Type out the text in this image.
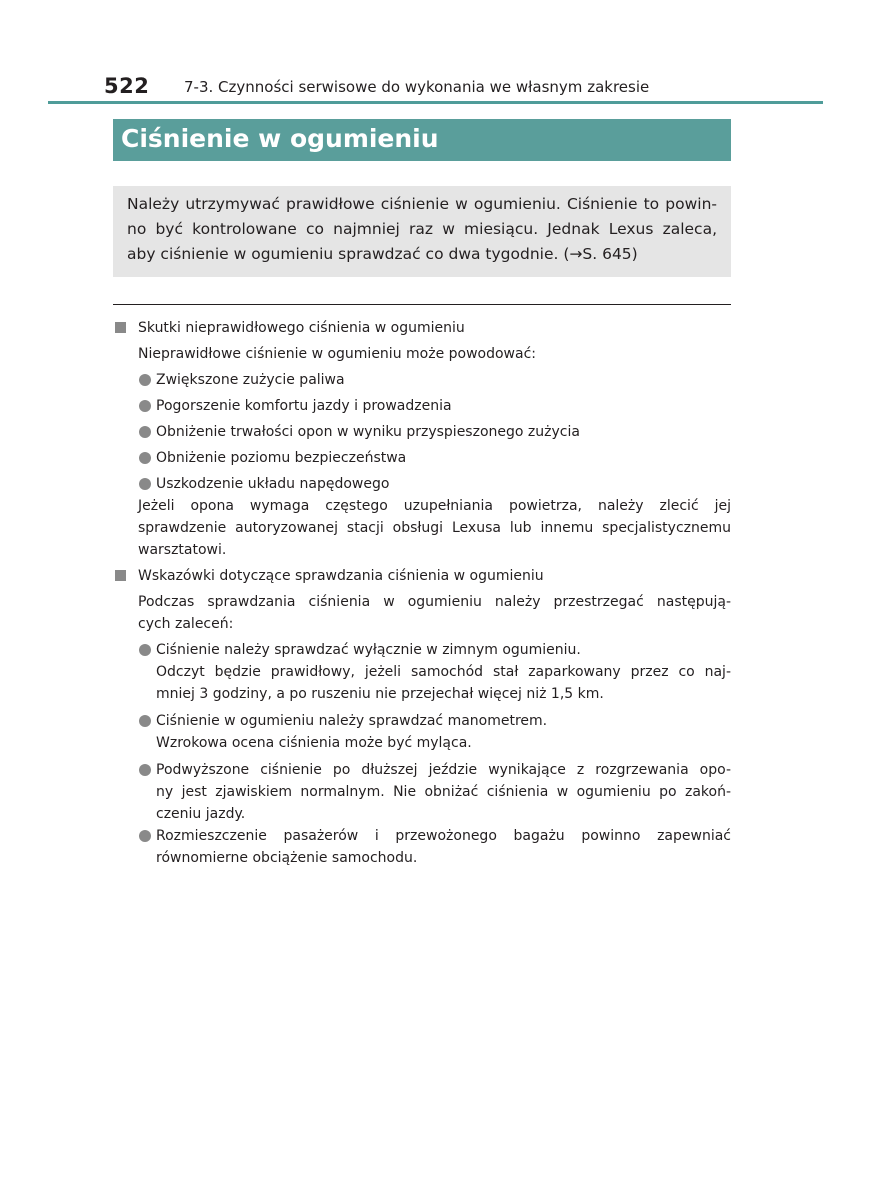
522 7-3. Czynności serwisowe do wykonania we własnym zakresie
Ciśnienie w ogumieniu
Należy utrzymywać prawidłowe ciśnienie w ogumieniu. Ciśnienie to powin-
no być kontrolowane co najmniej raz w miesiącu. Jednak Lexus zaleca,
aby ciśnienie w ogumieniu sprawdzać co dwa tygodnie. (→S. 645)

Skutki nieprawidłowego ciśnienia w ogumieniu

Nieprawidłowe ciśnienie w ogumieniu może powodować:

Zwiększone zużycie paliwa
Pogorszenie komfortu jazdy i prowadzenia
Obniżenie trwałości opon w wyniku przyspieszonego zużycia
Obniżenie poziomu bezpieczeństwa
Uszkodzenie układu napędowego

Jeżeli opona wymaga częstego uzupełniania powietrza, należy zlecić jej
sprawdzenie autoryzowanej stacji obsługi Lexusa lub innemu specjalistycznemu
warsztatowi.

Wskazówki dotyczące sprawdzania ciśnienia w ogumieniu

Podczas sprawdzania ciśnienia w ogumieniu należy przestrzegać następują-
cych zaleceń:

Ciśnienie należy sprawdzać wyłącznie w zimnym ogumieniu.
Odczyt będzie prawidłowy, jeżeli samochód stał zaparkowany przez co naj-
mniej 3 godziny, a po ruszeniu nie przejechał więcej niż 1,5 km.
Ciśnienie w ogumieniu należy sprawdzać manometrem.
Wzrokowa ocena ciśnienia może być myląca.
Podwyższone ciśnienie po dłuższej jeździe wynikające z rozgrzewania opo-
ny jest zjawiskiem normalnym. Nie obniżać ciśnienia w ogumieniu po zakoń-
czeniu jazdy.
Rozmieszczenie pasażerów i przewożonego bagażu powinno zapewniać
równomierne obciążenie samochodu.
